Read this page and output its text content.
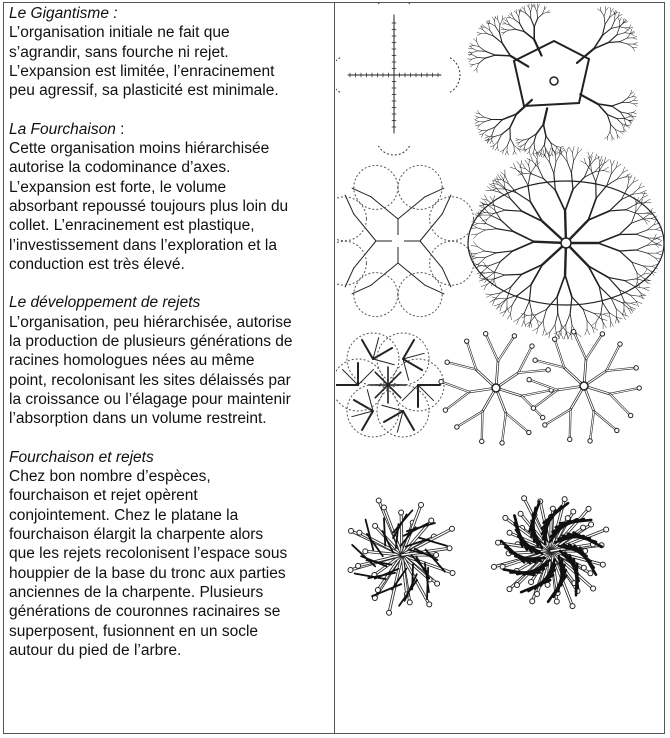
Le Gigantisme :

L’organisation initiale ne fait que
s’agrandir, sans fourche ni rejet.
L’expansion est limitée, l’enracinement
peu agressif, sa plasticité est minimale.

La Fourchaison :

Cette organisation moins hiérarchisée
autorise la codominance d’axes.
L’expansion est forte, le volume
absorbant repoussé toujours plus loin du
collet. L’enracinement est plastique,
l’investissement dans l’exploration et la
conduction est très élevé.

Le développement de rejets

L’organisation, peu hiérarchisée, autorise
la production de plusieurs générations de
racines homologues nées au même
point, recolonisant les sites délaissés par
la croissance ou l’élagage pour maintenir
l’absorption dans un volume restreint.

Fourchaison et rejets

Chez bon nombre d’espèces,
fourchaison et rejet opèrent
conjointement. Chez le platane la
fourchaison élargit la charpente alors
que les rejets recolonisent l’espace sous
houppier de la base du tronc aux parties
anciennes de la charpente. Plusieurs
générations de couronnes racinaires se
superposent, fusionnent en un socle
autour du pied de l’arbre.
